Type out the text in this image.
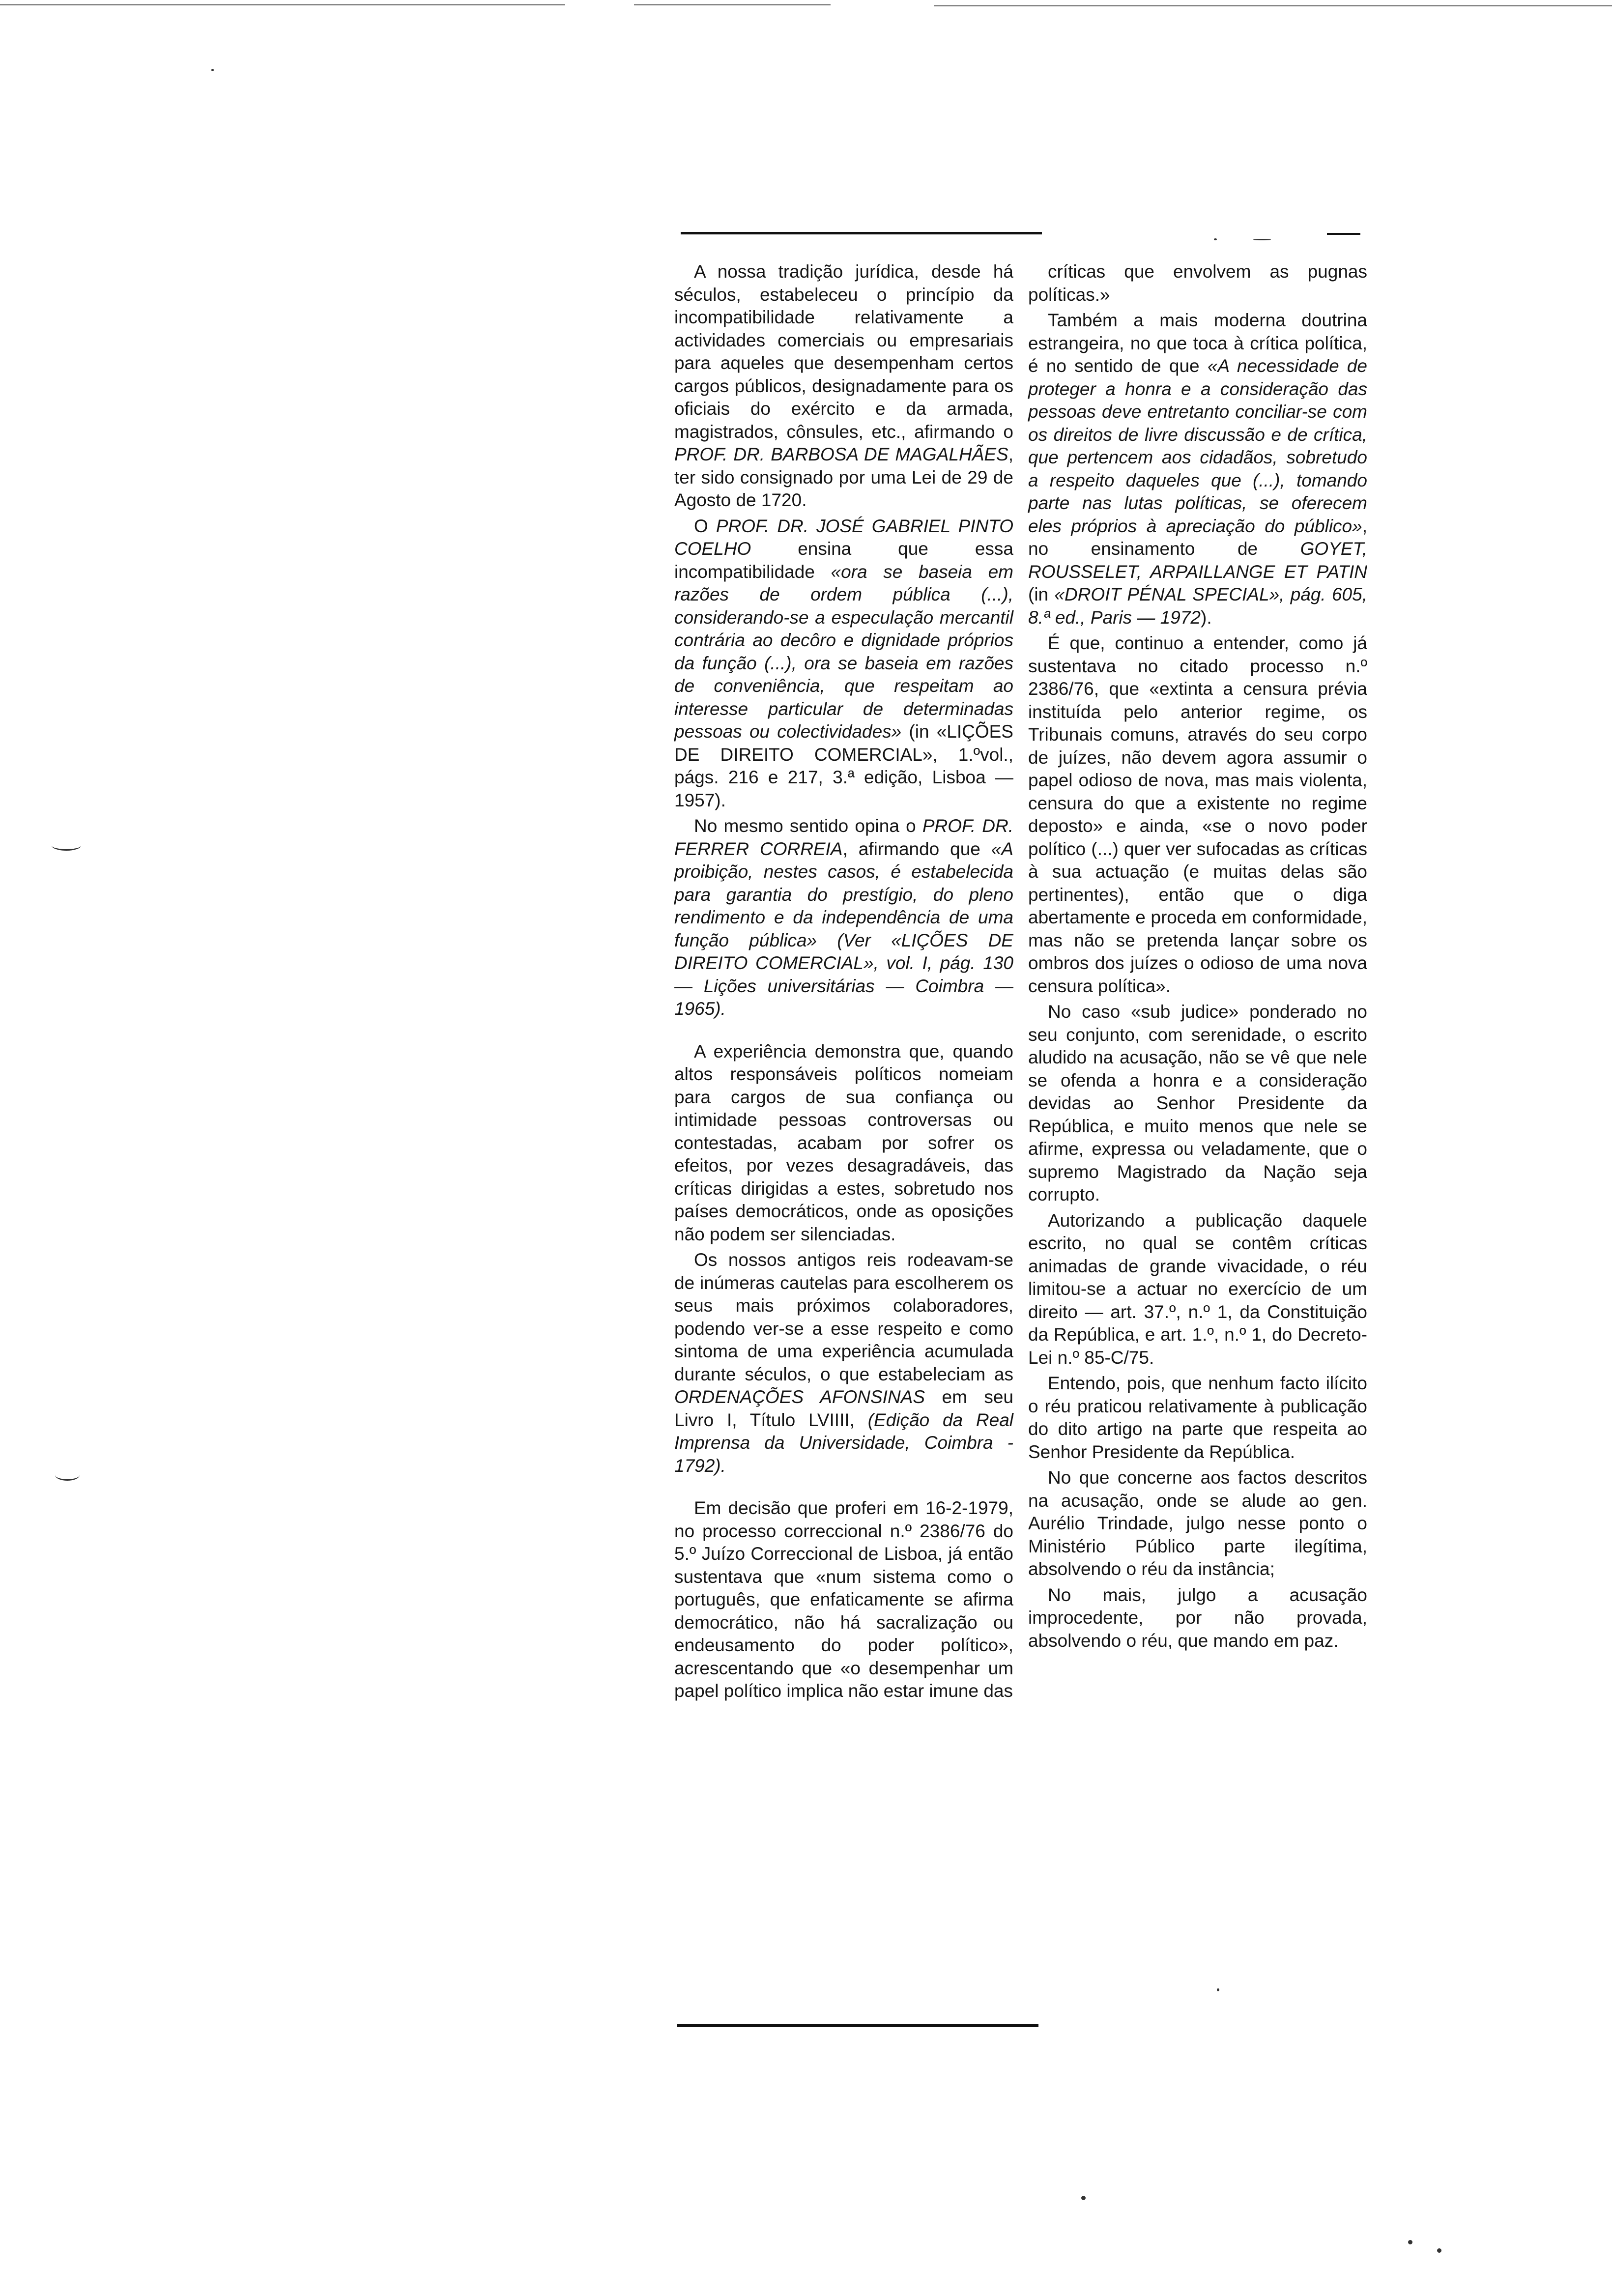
A nossa tradição jurídica, desde há séculos, estabeleceu o princípio da incompatibilidade relativamente a actividades comerciais ou empresariais para aqueles que desempenham certos cargos públicos, designadamente para os oficiais do exército e da armada, magistrados, cônsules, etc., afirmando o PROF. DR. BARBOSA DE MAGALHÃES, ter sido consignado por uma Lei de 29 de Agosto de 1720.

O PROF. DR. JOSÉ GABRIEL PINTO COELHO ensina que essa incompatibilidade «ora se baseia em razões de ordem pública (...), considerando-se a especulação mercantil contrária ao decôro e dignidade próprios da função (...), ora se baseia em razões de conveniência, que respeitam ao interesse particular de determinadas pessoas ou colectividades» (in «LIÇÕES DE DIREITO COMERCIAL», 1.ºvol., págs. 216 e 217, 3.ª edição, Lisboa — 1957).

No mesmo sentido opina o PROF. DR. FERRER CORREIA, afirmando que «A proibição, nestes casos, é estabelecida para garantia do prestígio, do pleno rendimento e da independência de uma função pública» (Ver «LIÇÕES DE DIREITO COMERCIAL», vol. I, pág. 130 — Lições universitárias — Coimbra — 1965).

A experiência demonstra que, quando altos responsáveis políticos nomeiam para cargos de sua confiança ou intimidade pessoas controversas ou contestadas, acabam por sofrer os efeitos, por vezes desagradáveis, das críticas dirigidas a estes, sobretudo nos países democráticos, onde as oposições não podem ser silenciadas.

Os nossos antigos reis rodeavam-se de inúmeras cautelas para escolherem os seus mais próximos colaboradores, podendo ver-se a esse respeito e como sintoma de uma experiência acumulada durante séculos, o que estabeleciam as ORDENAÇÕES AFONSINAS em seu Livro I, Título LVIIII, (Edição da Real Imprensa da Universidade, Coimbra - 1792).

Em decisão que proferi em 16-2-1979, no processo correccional n.º 2386/76 do 5.º Juízo Correccional de Lisboa, já então sustentava que «num sistema como o português, que enfaticamente se afirma democrático, não há sacralização ou endeusamento do poder político», acrescentando que «o desempenhar um papel político implica não estar imune das

críticas que envolvem as pugnas políticas.»

Também a mais moderna doutrina estrangeira, no que toca à crítica política, é no sentido de que «A necessidade de proteger a honra e a consideração das pessoas deve entretanto conciliar-se com os direitos de livre discussão e de crítica, que pertencem aos cidadãos, sobretudo a respeito daqueles que (...), tomando parte nas lutas políticas, se oferecem eles próprios à apreciação do público», no ensinamento de GOYET, ROUSSELET, ARPAILLANGE ET PATIN (in «DROIT PÉNAL SPECIAL», pág. 605, 8.ª ed., Paris — 1972).

É que, continuo a entender, como já sustentava no citado processo n.º 2386/76, que «extinta a censura prévia instituída pelo anterior regime, os Tribunais comuns, através do seu corpo de juízes, não devem agora assumir o papel odioso de nova, mas mais violenta, censura do que a existente no regime deposto» e ainda, «se o novo poder político (...) quer ver sufocadas as críticas à sua actuação (e muitas delas são pertinentes), então que o diga abertamente e proceda em conformidade, mas não se pretenda lançar sobre os ombros dos juízes o odioso de uma nova censura política».

No caso «sub judice» ponderado no seu conjunto, com serenidade, o escrito aludido na acusação, não se vê que nele se ofenda a honra e a consideração devidas ao Senhor Presidente da República, e muito menos que nele se afirme, expressa ou veladamente, que o supremo Magistrado da Nação seja corrupto.

Autorizando a publicação daquele escrito, no qual se contêm críticas animadas de grande vivacidade, o réu limitou-se a actuar no exercício de um direito — art. 37.º, n.º 1, da Constituição da República, e art. 1.º, n.º 1, do Decreto-Lei n.º 85-C/75.

Entendo, pois, que nenhum facto ilícito o réu praticou relativamente à publicação do dito artigo na parte que respeita ao Senhor Presidente da República.

No que concerne aos factos descritos na acusação, onde se alude ao gen. Aurélio Trindade, julgo nesse ponto o Ministério Público parte ilegítima, absolvendo o réu da instância;

No mais, julgo a acusação improcedente, por não provada, absolvendo o réu, que mando em paz.
